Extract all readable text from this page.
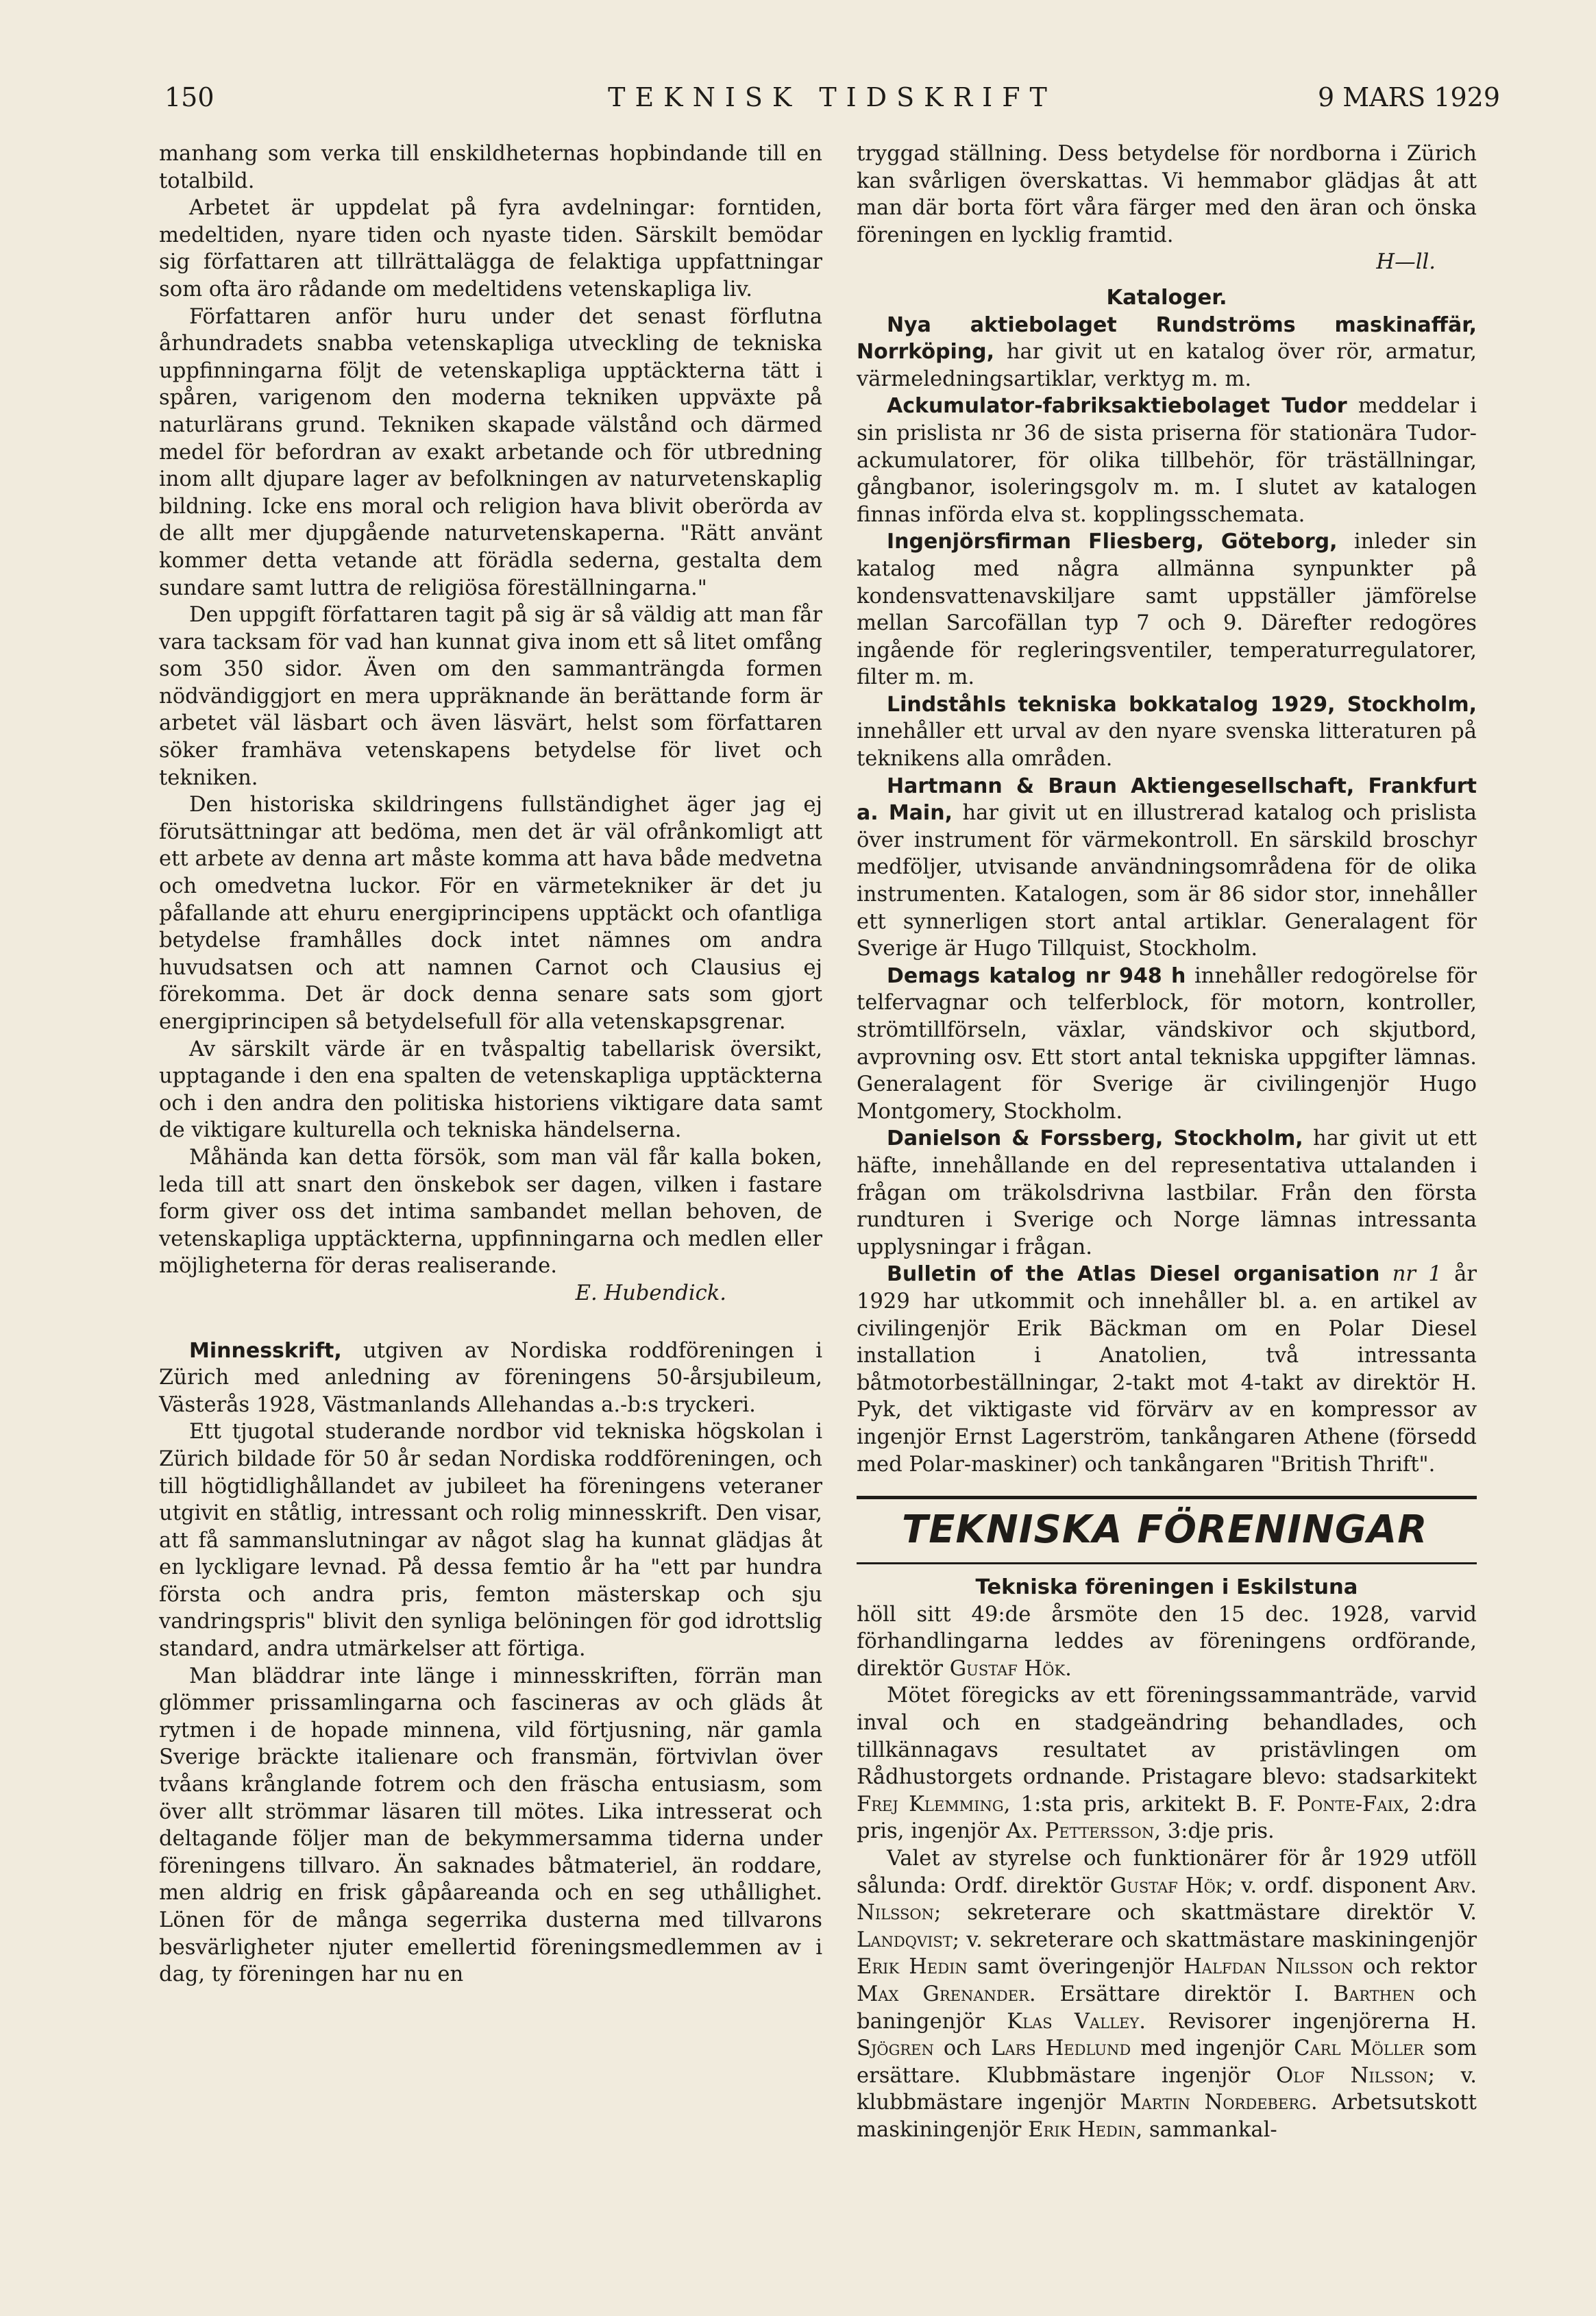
150	TEKNISK TIDSKRIFT	9 MARS 1929

manhang som verka till enskildheternas hopbindande till en totalbild.

Arbetet är uppdelat på fyra avdelningar: forntiden, medeltiden, nyare tiden och nyaste tiden. Särskilt bemödar sig författaren att tillrättalägga de felaktiga uppfattningar som ofta äro rådande om medeltidens vetenskapliga liv.

Författaren anför huru under det senast förflutna århundradets snabba vetenskapliga utveckling de tekniska uppfinningarna följt de vetenskapliga upptäckterna tätt i spåren, varigenom den moderna tekniken uppväxte på naturlärans grund. Tekniken skapade välstånd och därmed medel för befordran av exakt arbetande och för utbredning inom allt djupare lager av befolkningen av naturvetenskaplig bildning. Icke ens moral och religion hava blivit oberörda av de allt mer djupgående naturvetenskaperna. "Rätt använt kommer detta vetande att förädla sederna, gestalta dem sundare samt luttra de religiösa föreställningarna."

Den uppgift författaren tagit på sig är så väldig att man får vara tacksam för vad han kunnat giva inom ett så litet omfång som 350 sidor. Även om den sammanträngda formen nödvändiggjort en mera uppräknande än berättande form är arbetet väl läsbart och även läsvärt, helst som författaren söker framhäva vetenskapens betydelse för livet och tekniken.

Den historiska skildringens fullständighet äger jag ej förutsättningar att bedöma, men det är väl ofrånkomligt att ett arbete av denna art måste komma att hava både medvetna och omedvetna luckor. För en värmetekniker är det ju påfallande att ehuru energiprincipens upptäckt och ofantliga betydelse framhålles dock intet nämnes om andra huvudsatsen och att namnen Carnot och Clausius ej förekomma. Det är dock denna senare sats som gjort energiprincipen så betydelsefull för alla vetenskapsgrenar.

Av särskilt värde är en tvåspaltig tabellarisk översikt, upptagande i den ena spalten de vetenskapliga upptäckterna och i den andra den politiska historiens viktigare data samt de viktigare kulturella och tekniska händelserna.

Måhända kan detta försök, som man väl får kalla boken, leda till att snart den önskebok ser dagen, vilken i fastare form giver oss det intima sambandet mellan behoven, de vetenskapliga upptäckterna, uppfinningarna och medlen eller möjligheterna för deras realiserande.

E. Hubendick.

Minnesskrift, utgiven av Nordiska roddföreningen i Zürich med anledning av föreningens 50-årsjubileum, Västerås 1928, Västmanlands Allehandas a.-b:s tryckeri.

Ett tjugotal studerande nordbor vid tekniska högskolan i Zürich bildade för 50 år sedan Nordiska roddföreningen, och till högtidlighållandet av jubileet ha föreningens veteraner utgivit en ståtlig, intressant och rolig minnesskrift. Den visar, att få sammanslutningar av något slag ha kunnat glädjas åt en lyckligare levnad. På dessa femtio år ha "ett par hundra första och andra pris, femton mästerskap och sju vandringspris" blivit den synliga belöningen för god idrottslig standard, andra utmärkelser att förtiga.

Man bläddrar inte länge i minnesskriften, förrän man glömmer prissamlingarna och fascineras av och gläds åt rytmen i de hopade minnena, vild förtjusning, när gamla Sverige bräckte italienare och fransmän, förtvivlan över tvåans krånglande fotrem och den fräscha entusiasm, som över allt strömmar läsaren till mötes. Lika intresserat och deltagande följer man de bekymmersamma tiderna under föreningens tillvaro. Än saknades båtmateriel, än roddare, men aldrig en frisk gåpåareanda och en seg uthållighet. Lönen för de många segerrika dusterna med tillvarons besvärligheter njuter emellertid föreningsmedlemmen av i dag, ty föreningen har nu en

tryggad ställning. Dess betydelse för nordborna i Zürich kan svårligen överskattas. Vi hemmabor glädjas åt att man där borta fört våra färger med den äran och önska föreningen en lycklig framtid.

H—ll.
Kataloger.

Nya aktiebolaget Rundströms maskinaffär, Norrköping, har givit ut en katalog över rör, armatur, värmeledningsartiklar, verktyg m. m.

Ackumulator-fabriksaktiebolaget Tudor meddelar i sin prislista nr 36 de sista priserna för stationära Tudorackumulatorer, för olika tillbehör, för träställningar, gångbanor, isoleringsgolv m. m. I slutet av katalogen finnas införda elva st. kopplingsschemata.

Ingenjörsfirman Fliesberg, Göteborg, inleder sin katalog med några allmänna synpunkter på kondensvattenavskiljare samt uppställer jämförelse mellan Sarcofällan typ 7 och 9. Därefter redogöres ingående för regleringsventiler, temperaturregulatorer, filter m. m.

Lindståhls tekniska bokkatalog 1929, Stockholm, innehåller ett urval av den nyare svenska litteraturen på teknikens alla områden.

Hartmann & Braun Aktiengesellschaft, Frankfurt a. Main, har givit ut en illustrerad katalog och prislista över instrument för värmekontroll. En särskild broschyr medföljer, utvisande användningsområdena för de olika instrumenten. Katalogen, som är 86 sidor stor, innehåller ett synnerligen stort antal artiklar. Generalagent för Sverige är Hugo Tillquist, Stockholm.

Demags katalog nr 948 h innehåller redogörelse för telfervagnar och telferblock, för motorn, kontroller, strömtillförseln, växlar, vändskivor och skjutbord, avprovning osv. Ett stort antal tekniska uppgifter lämnas. Generalagent för Sverige är civilingenjör Hugo Montgomery, Stockholm.

Danielson & Forssberg, Stockholm, har givit ut ett häfte, innehållande en del representativa uttalanden i frågan om träkolsdrivna lastbilar. Från den första rundturen i Sverige och Norge lämnas intressanta upplysningar i frågan.

Bulletin of the Atlas Diesel organisation nr 1 år 1929 har utkommit och innehåller bl. a. en artikel av civilingenjör Erik Bäckman om en Polar Diesel installation i Anatolien, två intressanta båtmotorbeställningar, 2-takt mot 4-takt av direktör H. Pyk, det viktigaste vid förvärv av en kompressor av ingenjör Ernst Lagerström, tankångaren Athene (försedd med Polar-maskiner) och tankångaren "British Thrift".

TEKNISKA FÖRENINGAR
Tekniska föreningen i Eskilstuna

höll sitt 49:de årsmöte den 15 dec. 1928, varvid förhandlingarna leddes av föreningens ordförande, direktör Gustaf Hök.

Mötet föregicks av ett föreningssammanträde, varvid inval och en stadgeändring behandlades, och tillkännagavs resultatet av pristävlingen om Rådhustorgets ordnande. Pristagare blevo: stadsarkitekt Frej Klemming, 1:sta pris, arkitekt B. F. Ponte-Faix, 2:dra pris, ingenjör Ax. Pettersson, 3:dje pris.

Valet av styrelse och funktionärer för år 1929 utföll sålunda: Ordf. direktör Gustaf Hök; v. ordf. disponent Arv. Nilsson; sekreterare och skattmästare direktör V. Landqvist; v. sekreterare och skattmästare maskiningenjör Erik Hedin samt överingenjör Halfdan Nilsson och rektor Max Grenander. Ersättare direktör I. Barthen och baningenjör Klas Valley. Revisorer ingenjörerna H. Sjögren och Lars Hedlund med ingenjör Carl Möller som ersättare. Klubbmästare ingenjör Olof Nilsson; v. klubbmästare ingenjör Martin Nordeberg. Arbetsutskott maskiningenjör Erik Hedin, sammankal-
